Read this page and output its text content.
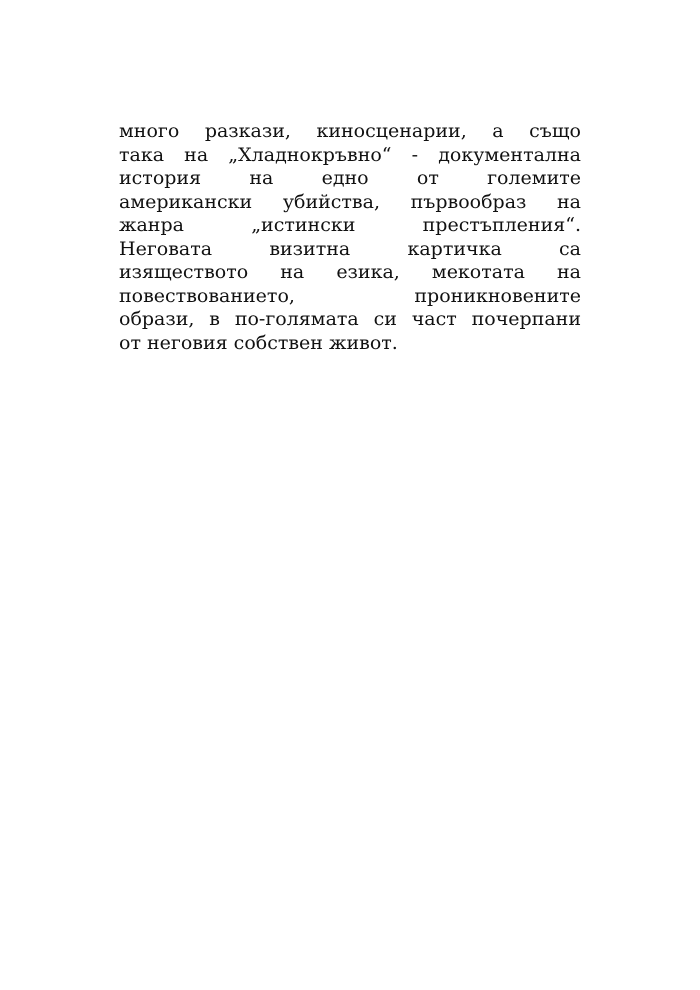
много разкази, киносценарии, а също
така на „Хладнокръвно“ - документална
история на едно от големите
американски убийства, първообраз на
жанра „истински престъпления“.
Неговата визитна картичка са
изяществото на езика, мекотата на
повествованието, проникновените
образи, в по-голямата си част почерпани
от неговия собствен живот.
